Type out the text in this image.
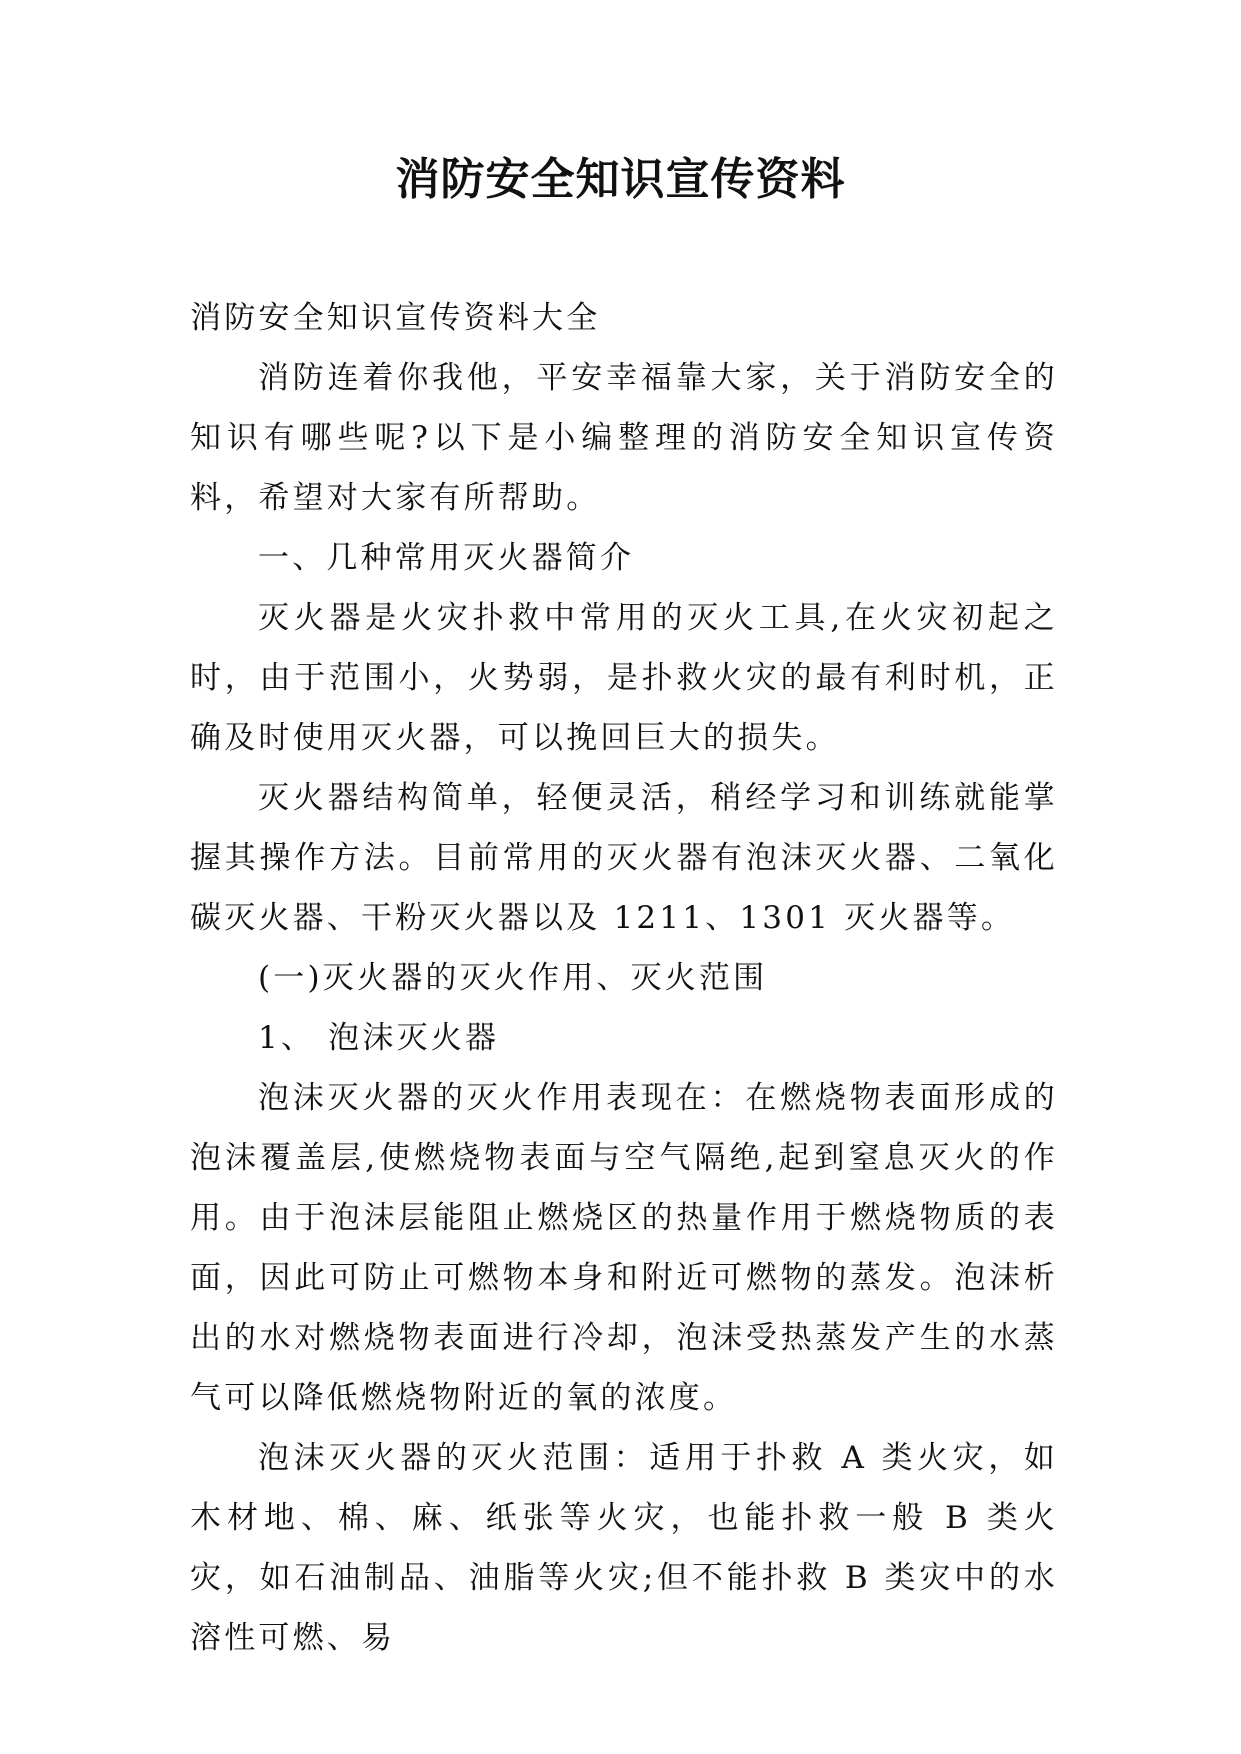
消防安全知识宣传资料

消防安全知识宣传资料大全

消防连着你我他，平安幸福靠大家，关于消防安全的知识有哪些呢?以下是小编整理的消防安全知识宣传资料，希望对大家有所帮助。

一、几种常用灭火器简介

灭火器是火灾扑救中常用的灭火工具,在火灾初起之时，由于范围小，火势弱，是扑救火灾的最有利时机，正确及时使用灭火器，可以挽回巨大的损失。

灭火器结构简单，轻便灵活，稍经学习和训练就能掌握其操作方法。目前常用的灭火器有泡沫灭火器、二氧化碳灭火器、干粉灭火器以及 1211、1301 灭火器等。

(一)灭火器的灭火作用、灭火范围

1、 泡沫灭火器

泡沫灭火器的灭火作用表现在：在燃烧物表面形成的泡沫覆盖层,使燃烧物表面与空气隔绝,起到窒息灭火的作用。由于泡沫层能阻止燃烧区的热量作用于燃烧物质的表面，因此可防止可燃物本身和附近可燃物的蒸发。泡沫析出的水对燃烧物表面进行冷却，泡沫受热蒸发产生的水蒸气可以降低燃烧物附近的氧的浓度。

泡沫灭火器的灭火范围：适用于扑救 A 类火灾，如木材地、棉、麻、纸张等火灾，也能扑救一般 B 类火灾，如石油制品、油脂等火灾;但不能扑救 B 类灾中的水溶性可燃、易
